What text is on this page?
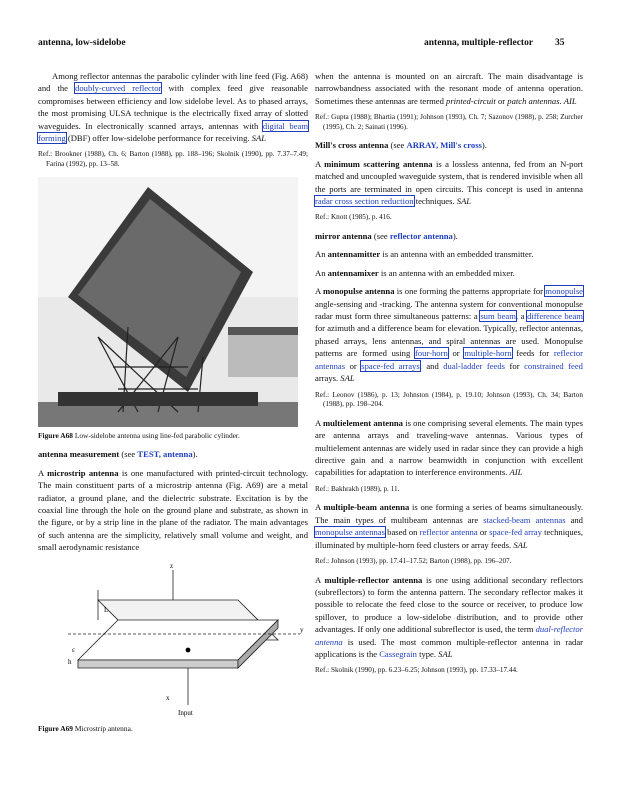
antenna, low-sidelobe	antenna, multiple-reflector 35

Among reflector antennas the parabolic cylinder with line feed (Fig. A68) and the doubly-curved reflector with complex feed give reasonable compromises between efficiency and low sidelobe level. As to phased arrays, the most promising ULSA technique is the electrically fixed array of slotted waveguides. In electronically scanned arrays, antennas with digital beam forming (DBF) offer low-sidelobe performance for receiving. SAL

Ref.: Brookner (1988), Ch. 6; Barton (1988), pp. 188–196; Skolnik (1990), pp. 7.37–7.49; Farina (1992), pp. 13–58.

Figure A68 Low-sidelobe antenna using line-fed parabolic cylinder.

antenna measurement (see TEST, antenna).

A microstrip antenna is one manufactured with printed-circuit technology. The main constituent parts of a microstrip antenna (Fig. A69) are a metal radiator, a ground plane, and the dielectric substrate. Excitation is by the coaxial line through the hole on the ground plane and substrate, as shown in the figure, or by a strip line in the plane of the radiator. The main advantages of such antenna are the simplicity, relatively small volume and weight, and small aerodynamic resistance

z
y
x
L
h
ε
Input

Figure A69 Microstrip antenna.

when the antenna is mounted on an aircraft. The main disadvantage is narrowbandness associated with the resonant mode of antenna operation. Sometimes these antennas are termed printed-circuit or patch antennas. AIL

Ref.: Gupta (1988); Bhartia (1991); Johnson (1993), Ch. 7; Sazonov (1988), p. 258; Zurcher (1995), Ch. 2; Sainati (1996).

Mill's cross antenna (see ARRAY, Mill's cross).

A minimum scattering antenna is a lossless antenna, fed from an N-port matched and uncoupled waveguide system, that is rendered invisible when all the ports are terminated in open circuits. This concept is used in antenna radar cross section reduction techniques. SAL

Ref.: Knott (1985), p. 416.

mirror antenna (see reflector antenna).

An antennamitter is an antenna with an embedded transmitter.

An antennamixer is an antenna with an embedded mixer.

A monopulse antenna is one forming the patterns appropriate for monopulse angle-sensing and -tracking. The antenna system for conventional monopulse radar must form three simultaneous patterns: a sum beam, a difference beam for azimuth and a difference beam for elevation. Typically, reflector antennas, phased arrays, lens antennas, and spiral antennas are used. Monopulse patterns are formed using four-horn or multiple-horn feeds for reflector antennas or space-fed arrays, and dual-ladder feeds for constrained feed arrays. SAL

Ref.: Leonov (1986), p. 13; Johnston (1984), p. 19.10; Johnson (1993), Ch. 34; Barton (1988), pp. 198–204.

A multielement antenna is one comprising several elements. The main types are antenna arrays and traveling-wave antennas. Various types of multielement antennas are widely used in radar since they can provide a high directive gain and a narrow beamwidth in conjunction with excellent capabilities for adaptation to interference environments. AIL

Ref.: Bakhrakh (1989), p. 11.

A multiple-beam antenna is one forming a series of beams simultaneously. The main types of multibeam antennas are stacked-beam antennas and monopulse antennas based on reflector antenna or space-fed array techniques, illuminated by multiple-horn feed clusters or array feeds. SAL

Ref.: Johnson (1993), pp. 17.41–17.52; Barton (1988), pp. 196–207.

A multiple-reflector antenna is one using additional secondary reflectors (subreflectors) to form the antenna pattern. The secondary reflector makes it possible to relocate the feed close to the source or receiver, to produce low spillover, to produce a low-sidelobe distribution, and to provide other advantages. If only one additional subreflector is used, the term dual-reflector antenna is used. The most common multiple-reflector antenna in radar applications is the Cassegrain type. SAL

Ref.: Skolnik (1990), pp. 6.23–6.25; Johnson (1993), pp. 17.33–17.44.
